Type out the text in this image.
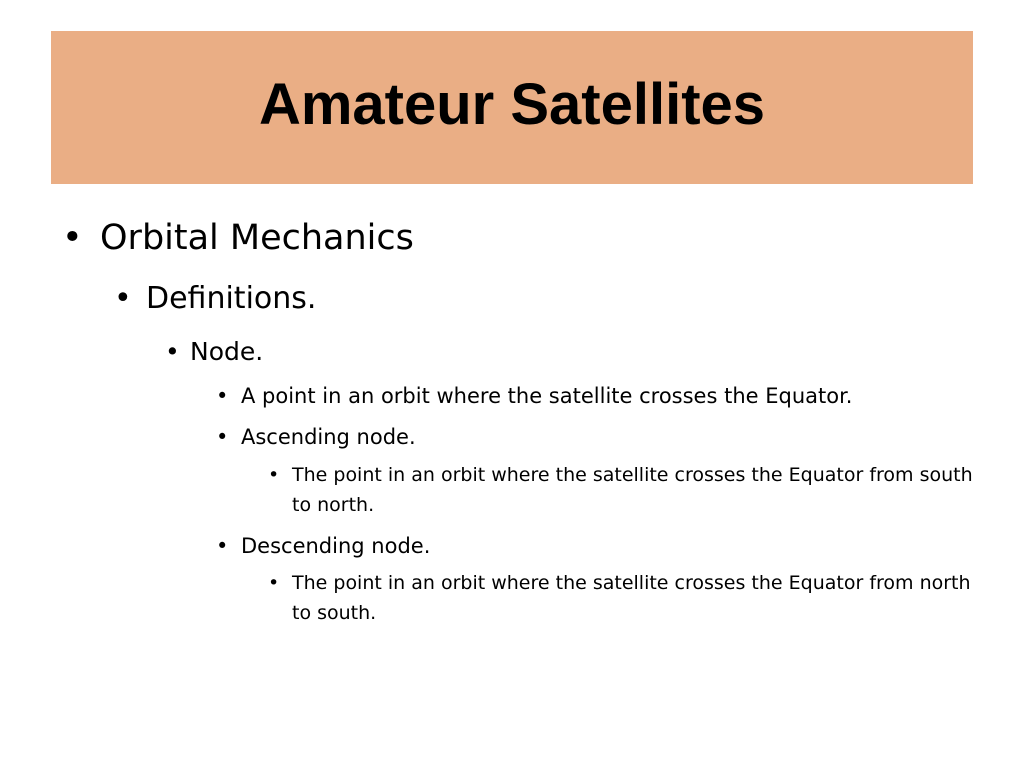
Amateur Satellites
• Orbital Mechanics
• Definitions.
• Node.
• A point in an orbit where the satellite crosses the Equator.
• Ascending node.
• The point in an orbit where the satellite crosses the Equator from south to north.
• Descending node.
• The point in an orbit where the satellite crosses the Equator from north to south.
